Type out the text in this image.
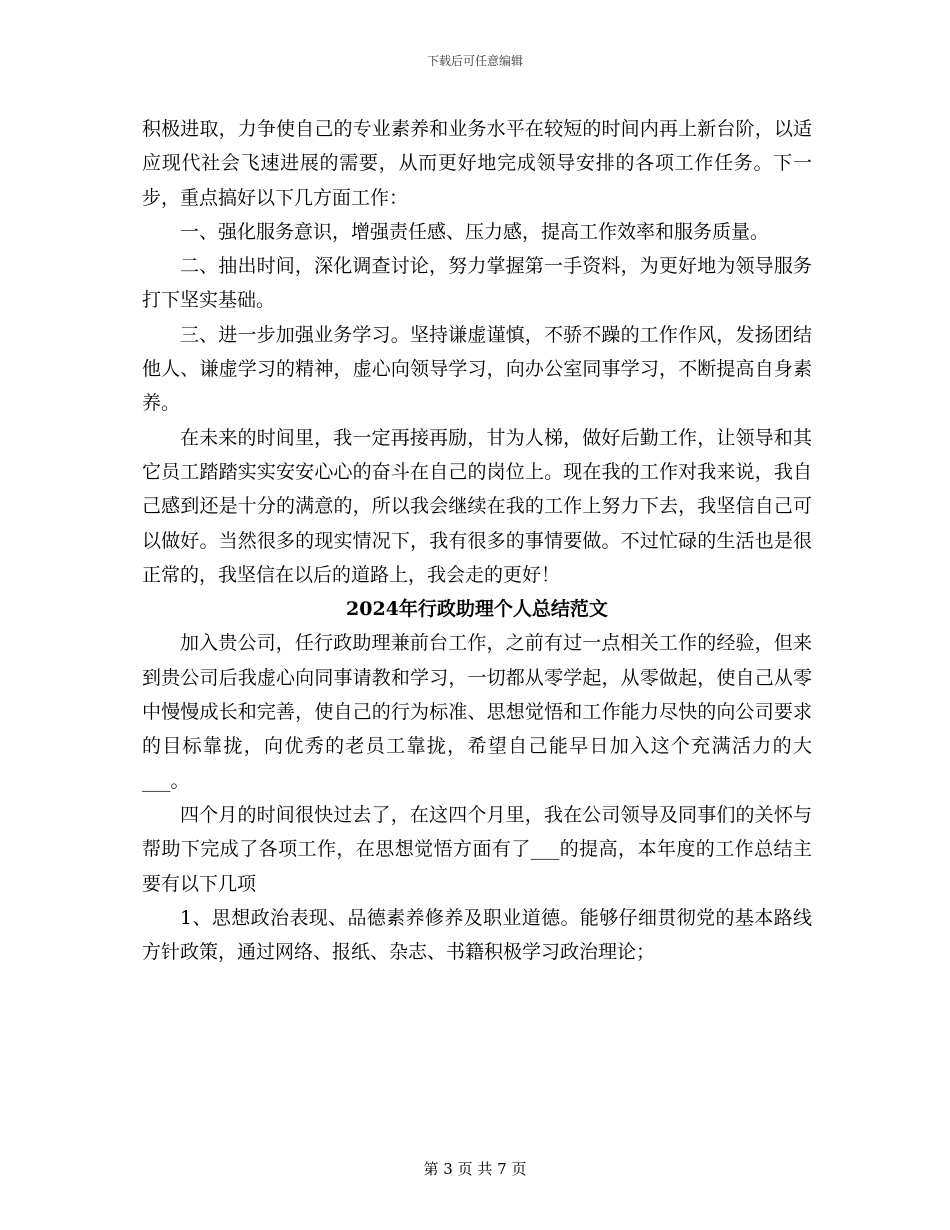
下载后可任意编辑

积极进取，力争使自己的专业素养和业务水平在较短的时间内再上新台阶，以适应现代社会飞速进展的需要，从而更好地完成领导安排的各项工作任务。下一步，重点搞好以下几方面工作：

一、强化服务意识，增强责任感、压力感，提高工作效率和服务质量。

二、抽出时间，深化调查讨论，努力掌握第一手资料，为更好地为领导服务打下坚实基础。

三、进一步加强业务学习。坚持谦虚谨慎，不骄不躁的工作作风，发扬团结他人、谦虚学习的精神，虚心向领导学习，向办公室同事学习，不断提高自身素养。

在未来的时间里，我一定再接再励，甘为人梯，做好后勤工作，让领导和其它员工踏踏实实安安心心的奋斗在自己的岗位上。现在我的工作对我来说，我自己感到还是十分的满意的，所以我会继续在我的工作上努力下去，我坚信自己可以做好。当然很多的现实情况下，我有很多的事情要做。不过忙碌的生活也是很正常的，我坚信在以后的道路上，我会走的更好！

2024年行政助理个人总结范文

加入贵公司，任行政助理兼前台工作，之前有过一点相关工作的经验，但来到贵公司后我虚心向同事请教和学习，一切都从零学起，从零做起，使自己从零中慢慢成长和完善，使自己的行为标准、思想觉悟和工作能力尽快的向公司要求的目标靠拢，向优秀的老员工靠拢，希望自己能早日加入这个充满活力的大___。

四个月的时间很快过去了，在这四个月里，我在公司领导及同事们的关怀与帮助下完成了各项工作，在思想觉悟方面有了___的提高，本年度的工作总结主要有以下几项

1、思想政治表现、品德素养修养及职业道德。能够仔细贯彻党的基本路线方针政策，通过网络、报纸、杂志、书籍积极学习政治理论；

第 3 页 共 7 页
